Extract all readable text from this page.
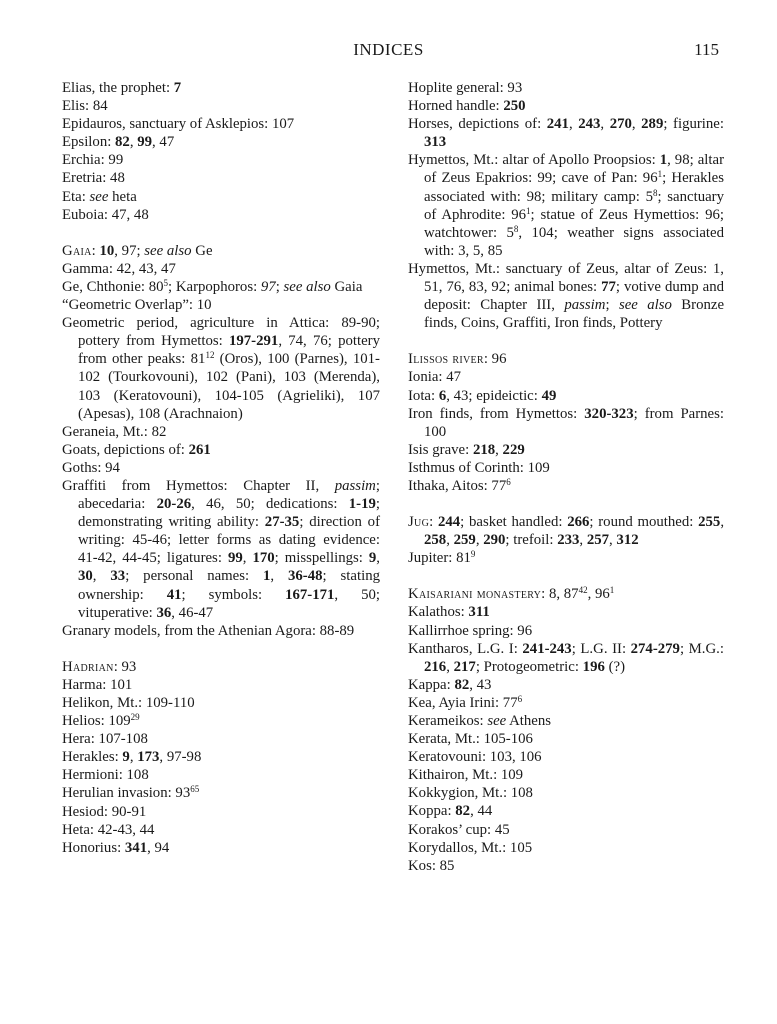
INDICES	115

Elias, the prophet: 7

Elis: 84

Epidauros, sanctuary of Asklepios: 107

Epsilon: 82, 99, 47

Erchia: 99

Eretria: 48

Eta: see heta

Euboia: 47, 48

Gaia: 10, 97; see also Ge

Gamma: 42, 43, 47

Ge, Chthonie: $80^5$; Karpophoros: 97; see also Gaia

“Geometric Overlap”: 10

Geometric period, agriculture in Attica: 89-90; pottery from Hymettos: 197-291, 74, 76; pottery from other peaks: $81^{12}$ (Oros), 100 (Parnes), 101-102 (Tourkovouni), 102 (Pani), 103 (Merenda), 103 (Keratovouni), 104-105 (Agrieliki), 107 (Apesas), 108 (Arachnaion)

Geraneia, Mt.: 82

Goats, depictions of: 261

Goths: 94

Graffiti from Hymettos: Chapter II, passim; abecedaria: 20-26, 46, 50; dedications: 1-19; demonstrating writing ability: 27-35; direction of writing: 45-46; letter forms as dating evidence: 41-42, 44-45; ligatures: 99, 170; misspellings: 9, 30, 33; personal names: 1, 36-48; stating ownership: 41; symbols: 167-171, 50; vituperative: 36, 46-47

Granary models, from the Athenian Agora: 88-89

Hadrian: 93

Harma: 101

Helikon, Mt.: 109-110

Helios: $109^{29}$

Hera: 107-108

Herakles: 9, 173, 97-98

Hermioni: 108

Herulian invasion: $93^{65}$

Hesiod: 90-91

Heta: 42-43, 44

Honorius: 341, 94

Hoplite general: 93

Horned handle: 250

Horses, depictions of: 241, 243, 270, 289; figurine: 313

Hymettos, Mt.: altar of Apollo Proopsios: 1, 98; altar of Zeus Epakrios: 99; cave of Pan: $96^1$; Herakles associated with: 98; military camp: $5^8$; sanctuary of Aphrodite: $96^1$; statue of Zeus Hymettios: 96; watchtower: $5^8$, 104; weather signs associated with: 3, 5, 85

Hymettos, Mt.: sanctuary of Zeus, altar of Zeus: 1, 51, 76, 83, 92; animal bones: 77; votive dump and deposit: Chapter III, passim; see also Bronze finds, Coins, Graffiti, Iron finds, Pottery

Ilissos river: 96

Ionia: 47

Iota: 6, 43; epideictic: 49

Iron finds, from Hymettos: 320-323; from Parnes: 100

Isis grave: 218, 229

Isthmus of Corinth: 109

Ithaka, Aitos: $77^6$

Jug: 244; basket handled: 266; round mouthed: 255, 258, 259, 290; trefoil: 233, 257, 312

Jupiter: $81^9$

Kaisariani monastery: 8, $87^{42}$, $96^1$

Kalathos: 311

Kallirrhoe spring: 96

Kantharos, L.G. I: 241-243; L.G. II: 274-279; M.G.: 216, 217; Protogeometric: 196 (?)

Kappa: 82, 43

Kea, Ayia Irini: $77^6$

Kerameikos: see Athens

Kerata, Mt.: 105-106

Keratovouni: 103, 106

Kithairon, Mt.: 109

Kokkygion, Mt.: 108

Koppa: 82, 44

Korakos’ cup: 45

Korydallos, Mt.: 105

Kos: 85
